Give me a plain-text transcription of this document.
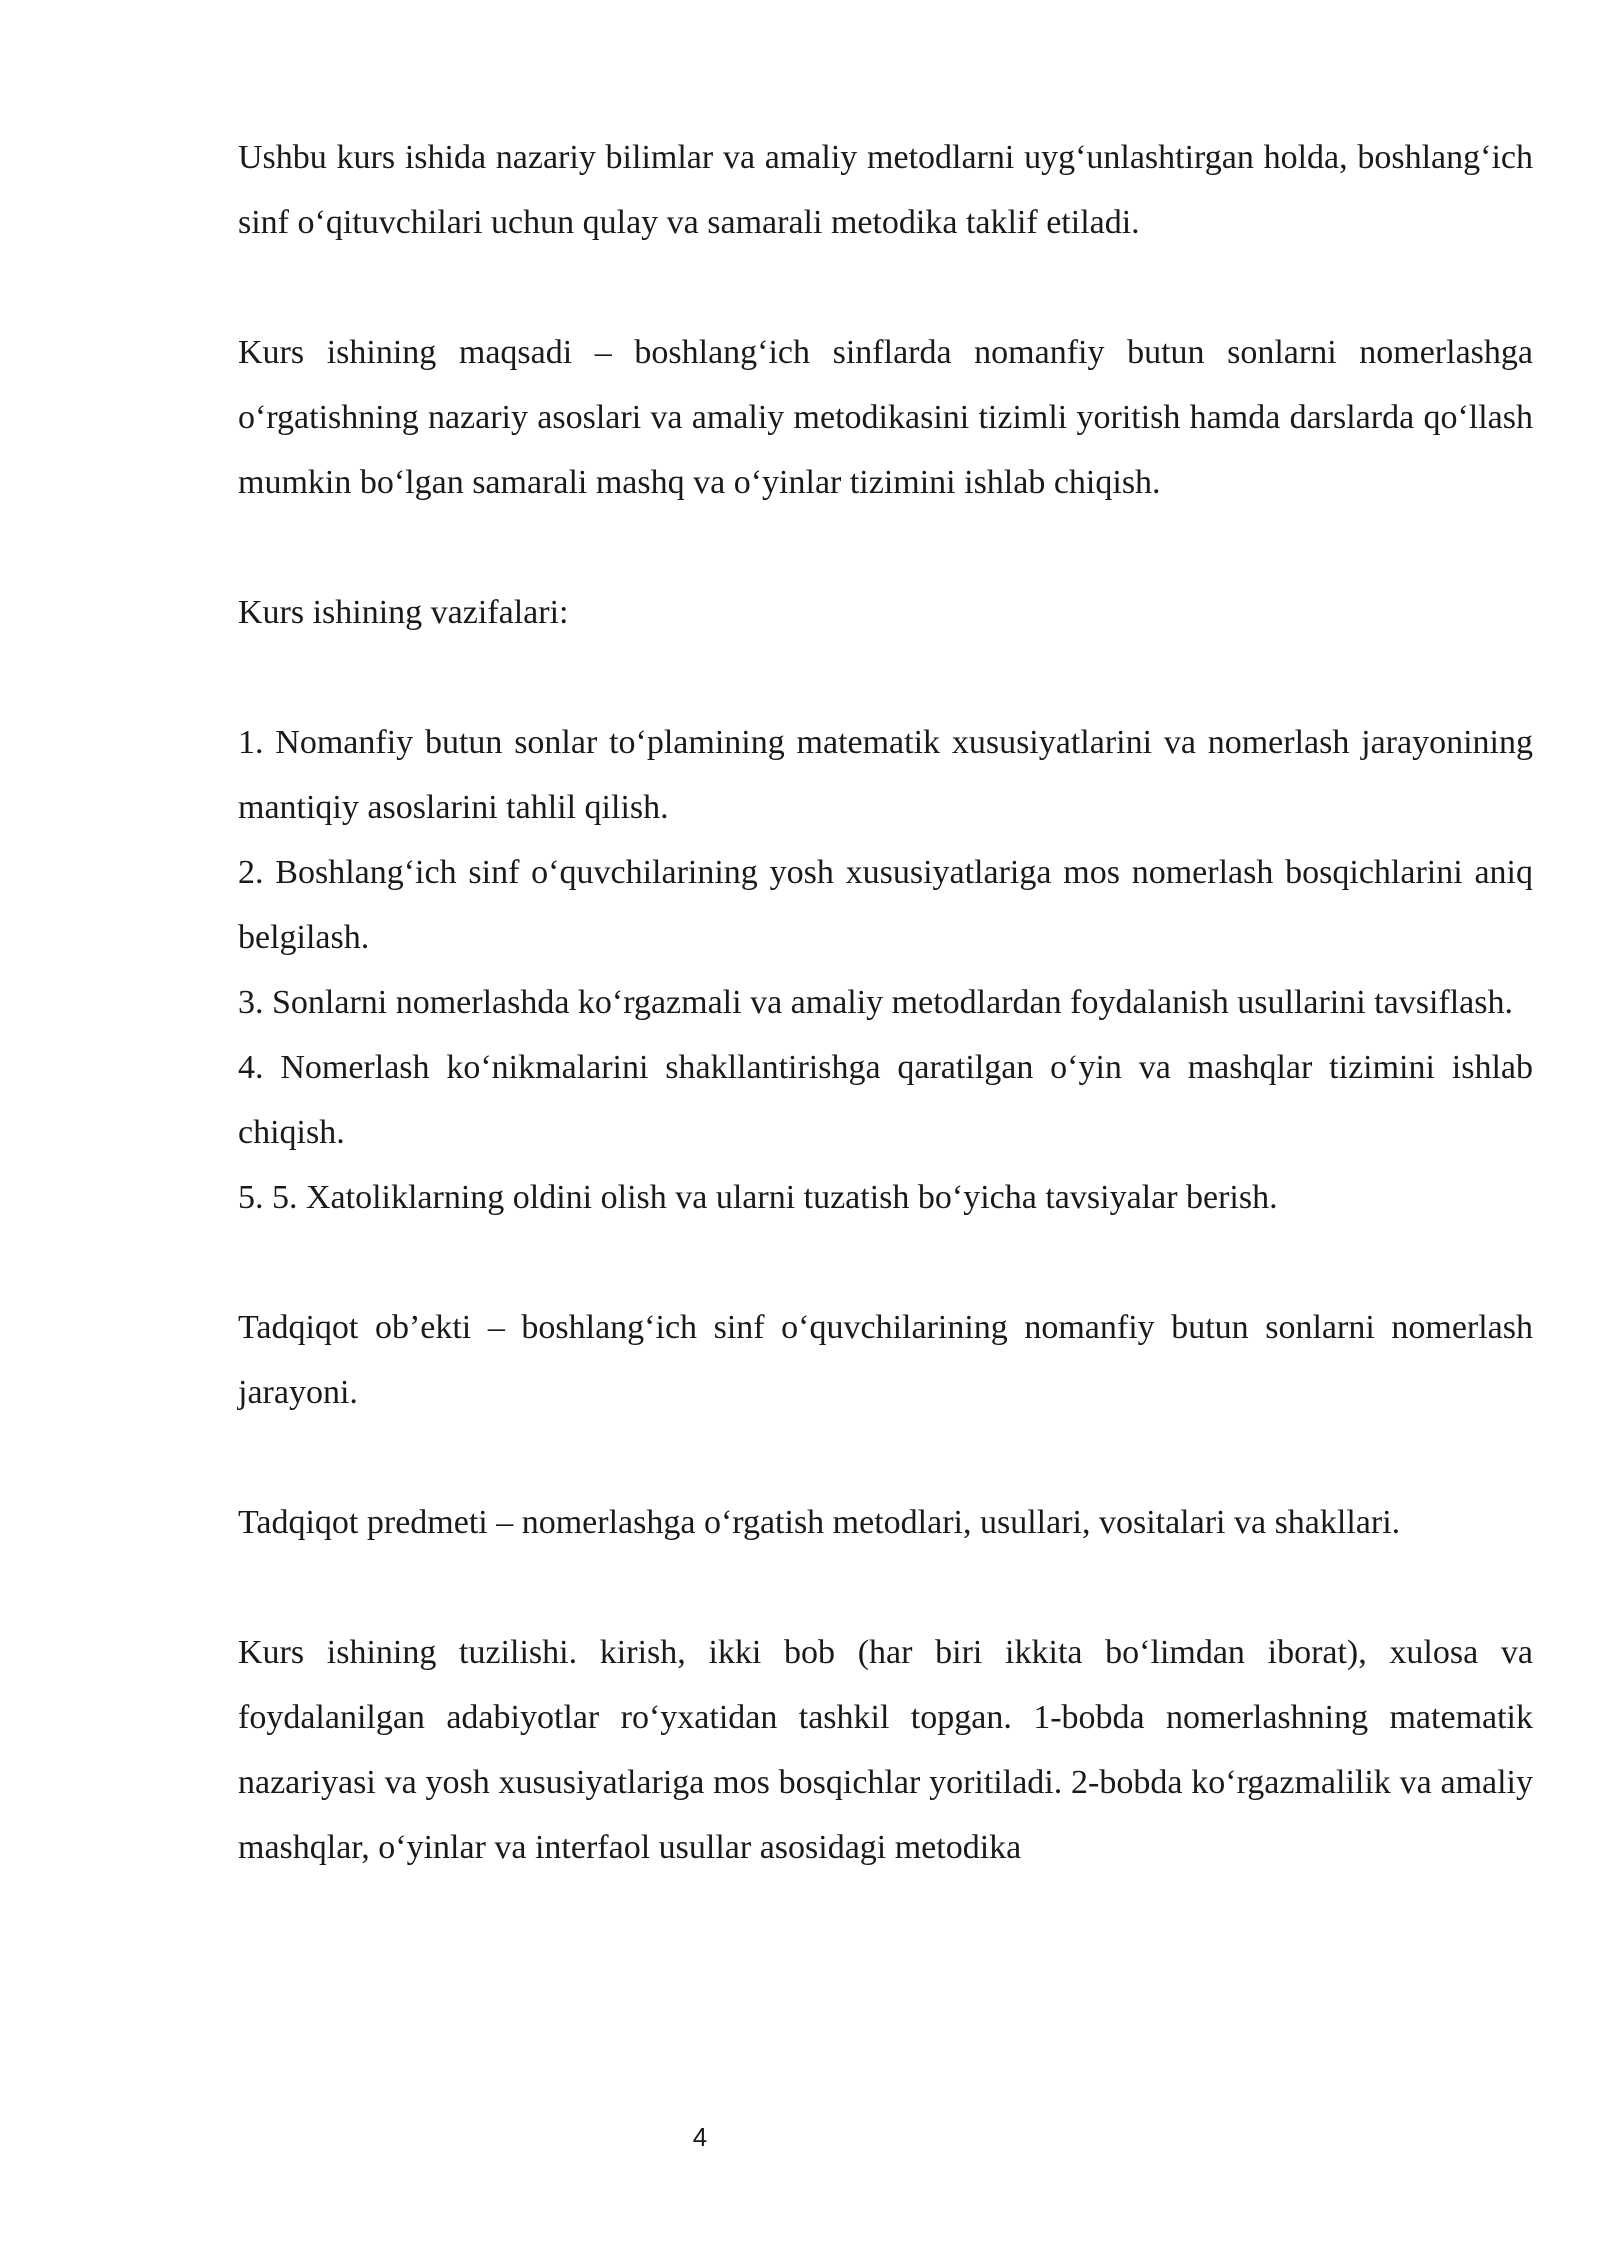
Ushbu kurs ishida nazariy bilimlar va amaliy metodlarni uyg‘unlashtirgan holda, boshlang‘ich sinf o‘qituvchilari uchun qulay va samarali metodika taklif etiladi.

Kurs ishining maqsadi – boshlang‘ich sinflarda nomanfiy butun sonlarni nomerlashga o‘rgatishning nazariy asoslari va amaliy metodikasini tizimli yoritish hamda darslarda qo‘llash mumkin bo‘lgan samarali mashq va o‘yinlar tizimini ishlab chiqish.

Kurs ishining vazifalari:

1. Nomanfiy butun sonlar to‘plamining matematik xususiyatlarini va nomerlash jarayonining mantiqiy asoslarini tahlil qilish.

2. Boshlang‘ich sinf o‘quvchilarining yosh xususiyatlariga mos nomerlash bosqichlarini aniq belgilash.

3. Sonlarni nomerlashda ko‘rgazmali va amaliy metodlardan foydalanish usullarini tavsiflash.

4. Nomerlash ko‘nikmalarini shakllantirishga qaratilgan o‘yin va mashqlar tizimini ishlab chiqish.

5. 5. Xatoliklarning oldini olish va ularni tuzatish bo‘yicha tavsiyalar berish.

Tadqiqot ob’ekti – boshlang‘ich sinf o‘quvchilarining nomanfiy butun sonlarni nomerlash jarayoni.

Tadqiqot predmeti – nomerlashga o‘rgatish metodlari, usullari, vositalari va shakllari.

Kurs ishining tuzilishi. kirish, ikki bob (har biri ikkita bo‘limdan iborat), xulosa va foydalanilgan adabiyotlar ro‘yxatidan tashkil topgan. 1-bobda nomerlashning matematik nazariyasi va yosh xususiyatlariga mos bosqichlar yoritiladi. 2-bobda ko‘rgazmalilik va amaliy mashqlar, o‘yinlar va interfaol usullar asosidagi metodika

4
